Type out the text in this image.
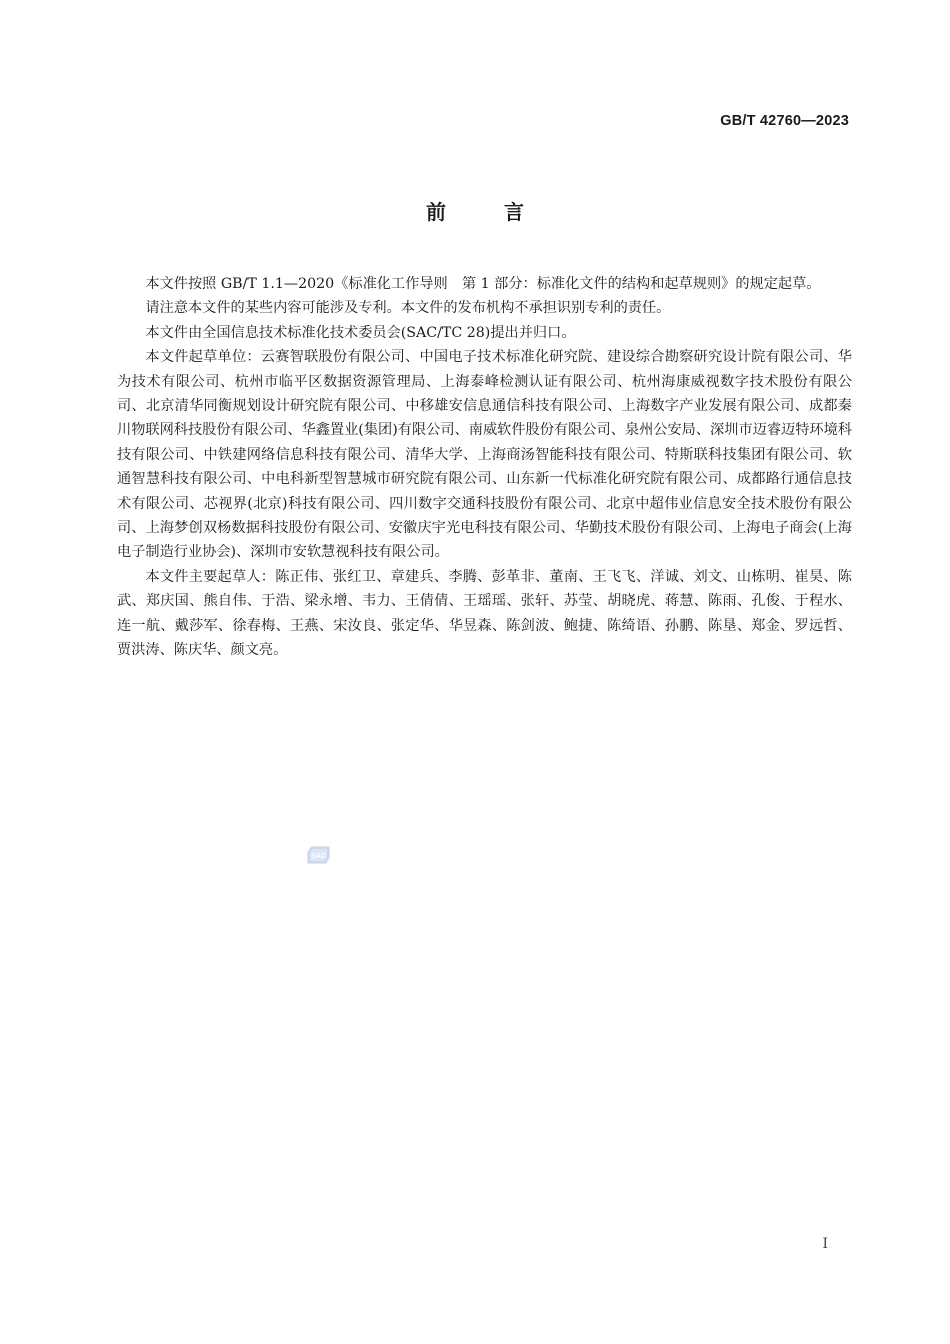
GB/T 42760—2023
前言

本文件按照 GB/T 1.1—2020《标准化工作导则　第 1 部分：标准化文件的结构和起草规则》的规定起草。

请注意本文件的某些内容可能涉及专利。本文件的发布机构不承担识别专利的责任。

本文件由全国信息技术标准化技术委员会(SAC/TC 28)提出并归口。

本文件起草单位：云赛智联股份有限公司、中国电子技术标准化研究院、建设综合勘察研究设计院有限公司、华为技术有限公司、杭州市临平区数据资源管理局、上海泰峰检测认证有限公司、杭州海康威视数字技术股份有限公司、北京清华同衡规划设计研究院有限公司、中移雄安信息通信科技有限公司、上海数字产业发展有限公司、成都秦川物联网科技股份有限公司、华鑫置业(集团)有限公司、南威软件股份有限公司、泉州公安局、深圳市迈睿迈特环境科技有限公司、中铁建网络信息科技有限公司、清华大学、上海商汤智能科技有限公司、特斯联科技集团有限公司、软通智慧科技有限公司、中电科新型智慧城市研究院有限公司、山东新一代标准化研究院有限公司、成都路行通信息技术有限公司、芯视界(北京)科技有限公司、四川数字交通科技股份有限公司、北京中超伟业信息安全技术股份有限公司、上海梦创双杨数据科技股份有限公司、安徽庆宇光电科技有限公司、华勤技术股份有限公司、上海电子商会(上海电子制造行业协会)、深圳市安软慧视科技有限公司。

本文件主要起草人：陈正伟、张红卫、章建兵、李腾、彭革非、董南、王飞飞、洋诚、刘文、山栋明、崔昊、陈武、郑庆国、熊自伟、于浩、梁永增、韦力、王倩倩、王瑶瑶、张轩、苏莹、胡晓虎、蒋慧、陈雨、孔俊、于程水、连一航、戴莎军、徐春梅、王燕、宋汝良、张定华、华昱森、陈剑波、鲍捷、陈绮语、孙鹏、陈垦、郑金、罗远哲、贾洪涛、陈庆华、颜文亮。

SAC
I
